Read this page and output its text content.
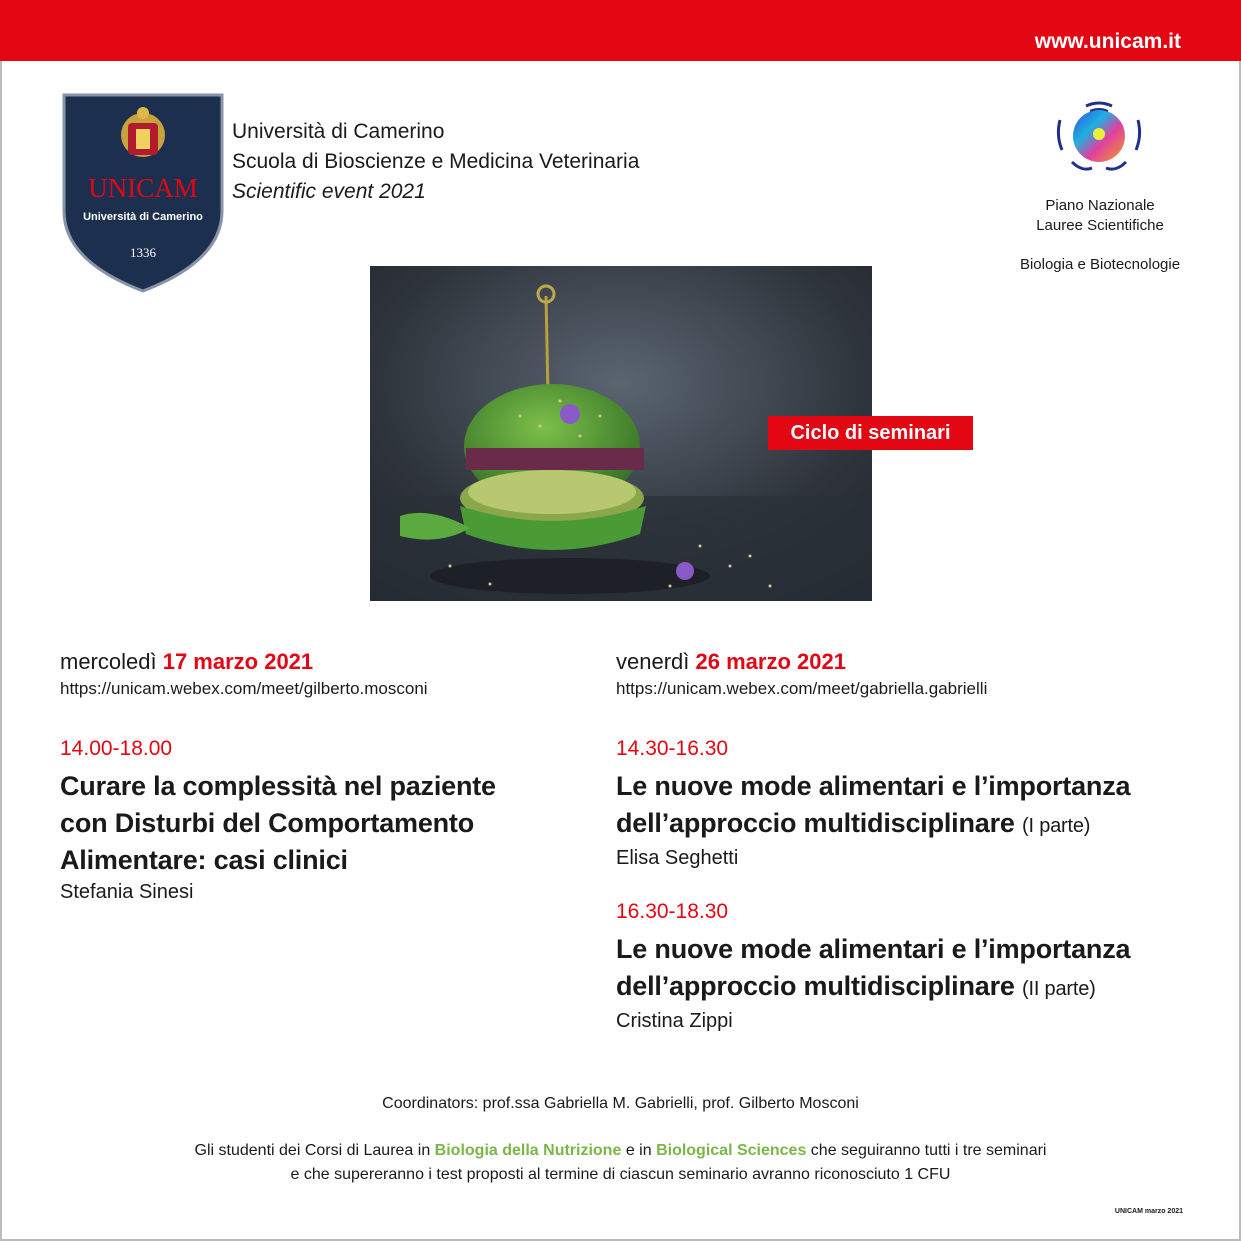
www.unicam.it
UNICAM
Università di Camerino
1336
Università di Camerino
Scuola di Bioscienze e Medicina Veterinaria
Scientific event 2021
Piano Nazionale
Lauree Scientifiche
Biologia e Biotecnologie
Ciclo di seminari
mercoledì 17 marzo 2021
https://unicam.webex.com/meet/gilberto.mosconi
14.00-18.00
Curare la complessità nel paziente
con Disturbi del Comportamento
Alimentare: casi clinici
Stefania Sinesi
venerdì 26 marzo 2021
https://unicam.webex.com/meet/gabriella.gabrielli
14.30-16.30
Le nuove mode alimentari e l’importanza
dell’approccio multidisciplinare (I parte)
Elisa Seghetti
16.30-18.30
Le nuove mode alimentari e l’importanza
dell’approccio multidisciplinare (II parte)
Cristina Zippi
Coordinators: prof.ssa Gabriella M. Gabrielli, prof. Gilberto Mosconi
Gli studenti dei Corsi di Laurea in Biologia della Nutrizione e in Biological Sciences che seguiranno tutti i tre seminari
e che supereranno i test proposti al termine di ciascun seminario avranno riconosciuto 1 CFU
UNICAM marzo 2021
